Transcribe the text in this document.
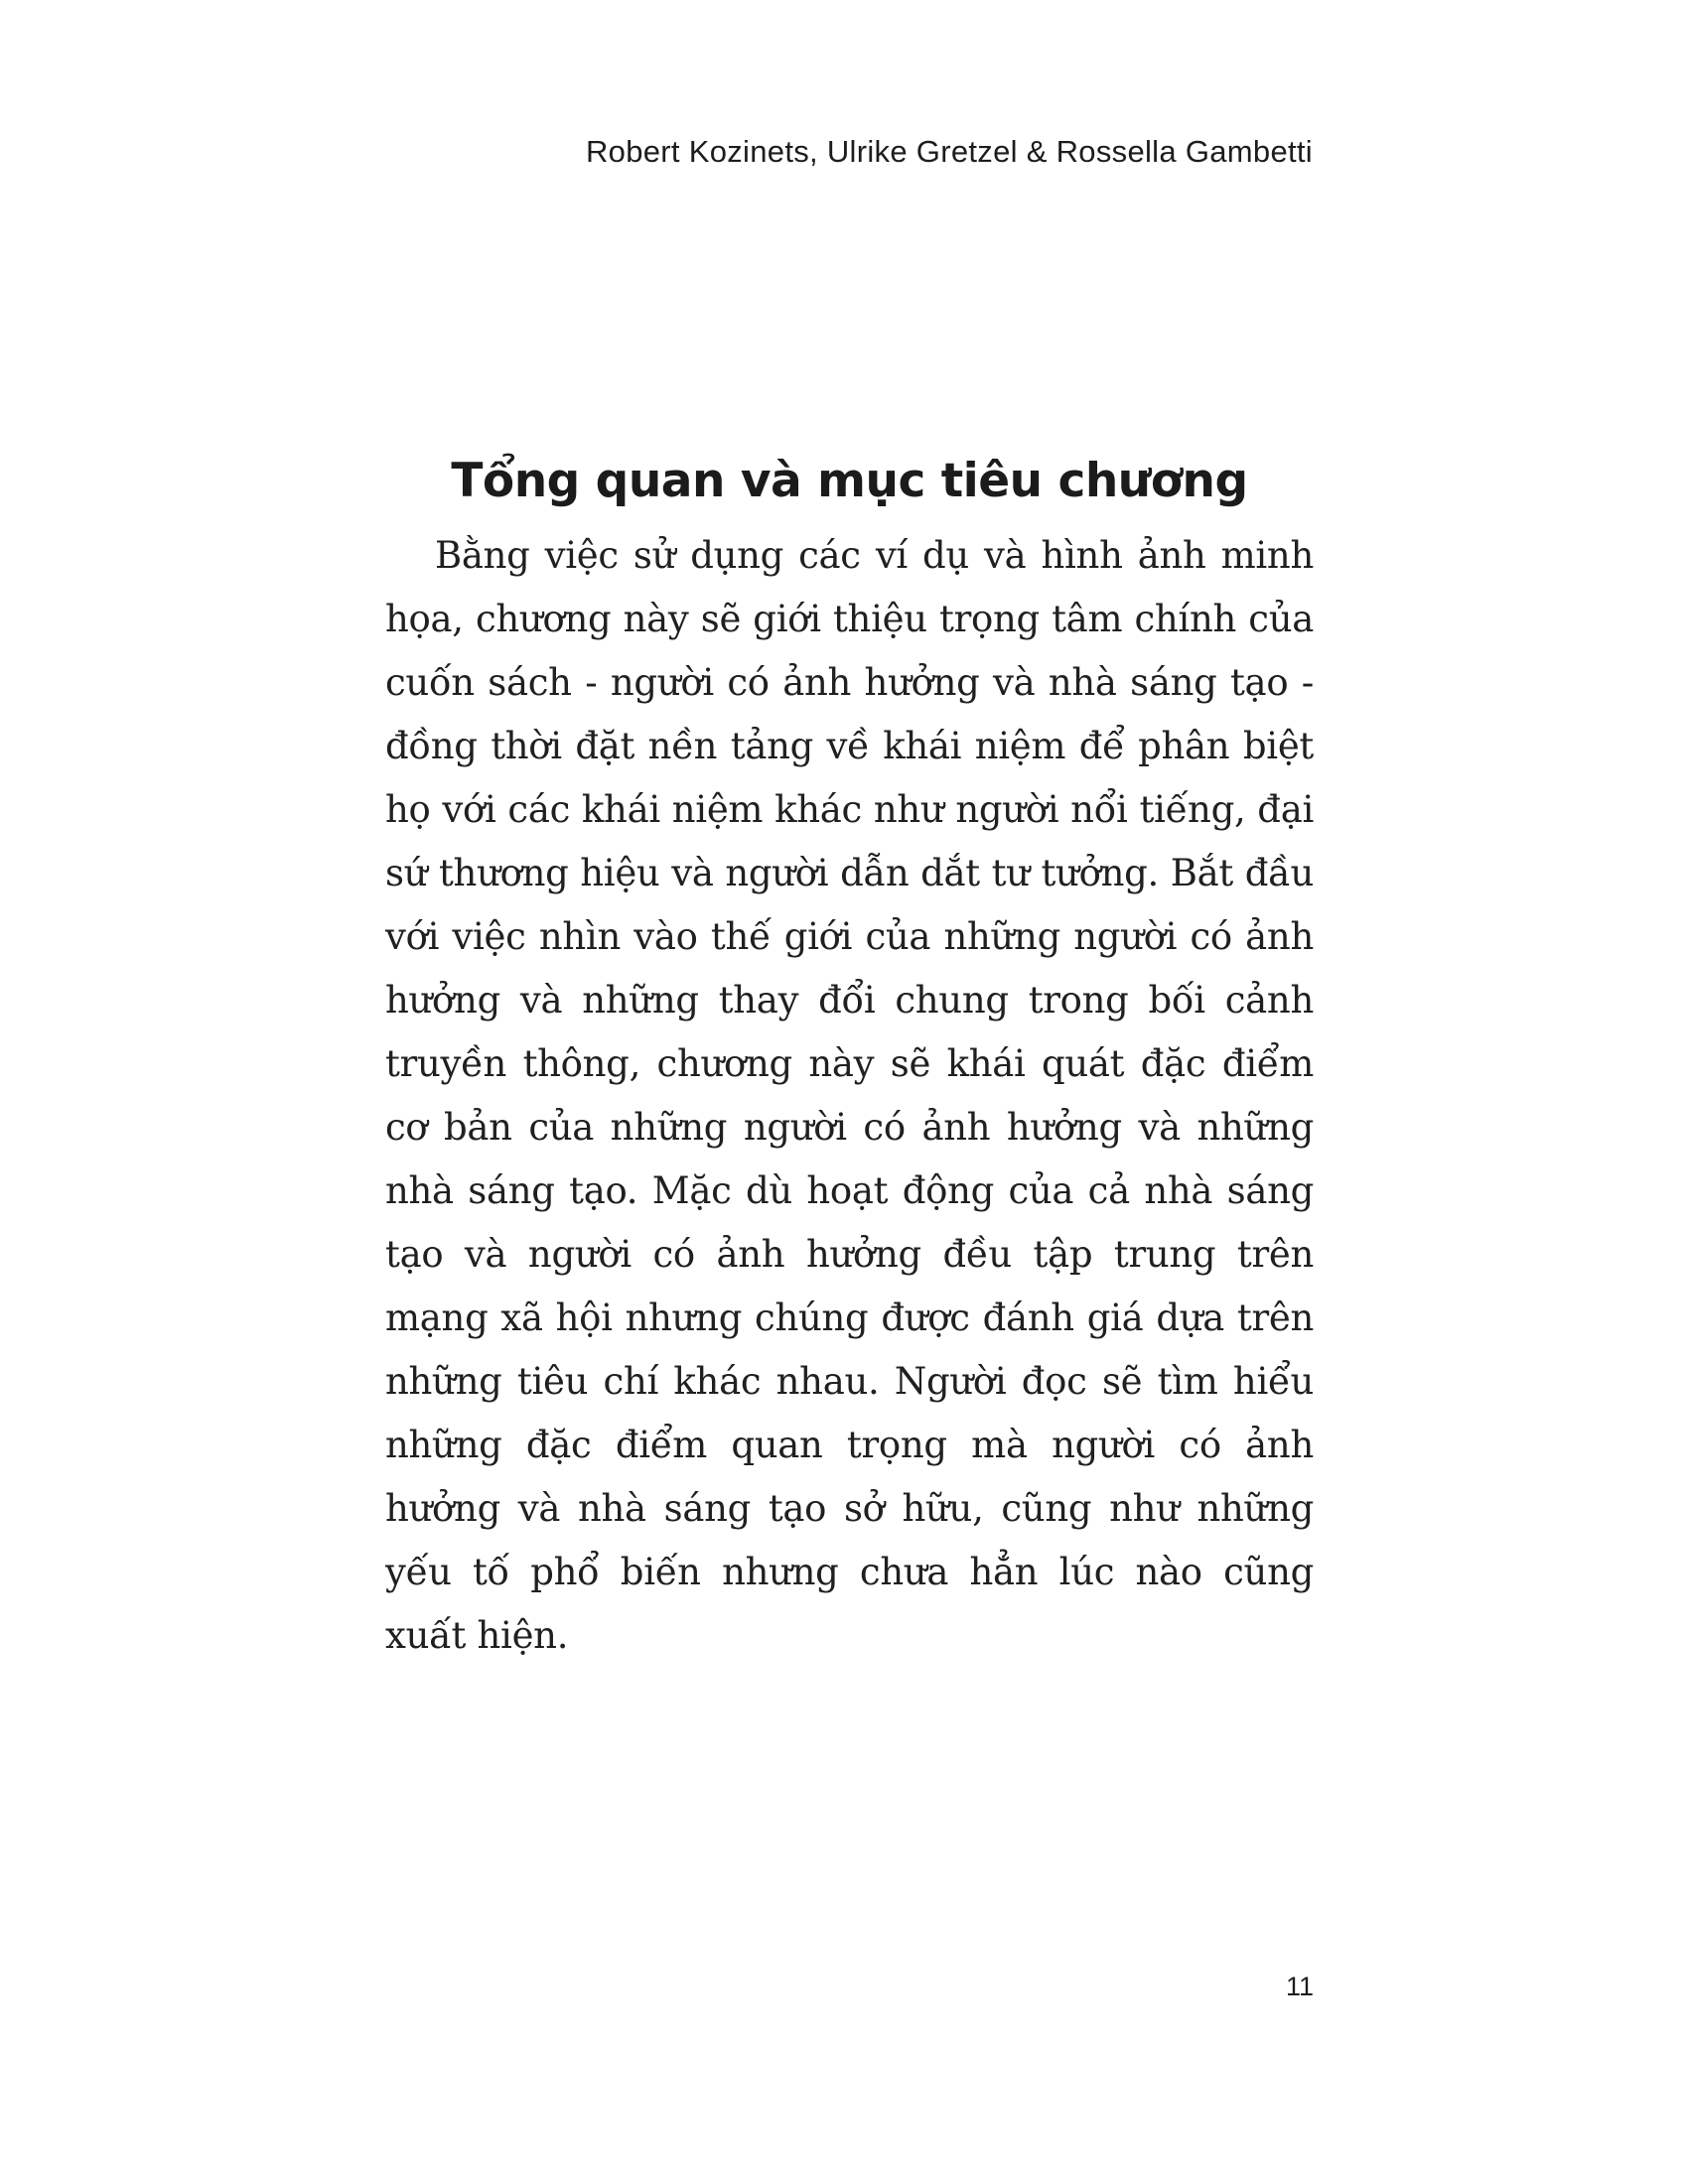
Robert Kozinets, Ulrike Gretzel & Rossella Gambetti
Tổng quan và mục tiêu chương

Bằng việc sử dụng các ví dụ và hình ảnh minh họa, chương này sẽ giới thiệu trọng tâm chính của cuốn sách - người có ảnh hưởng và nhà sáng tạo - đồng thời đặt nền tảng về khái niệm để phân biệt họ với các khái niệm khác như người nổi tiếng, đại sứ thương hiệu và người dẫn dắt tư tưởng. Bắt đầu với việc nhìn vào thế giới của những người có ảnh hưởng và những thay đổi chung trong bối cảnh truyền thông, chương này sẽ khái quát đặc điểm cơ bản của những người có ảnh hưởng và những nhà sáng tạo. Mặc dù hoạt động của cả nhà sáng tạo và người có ảnh hưởng đều tập trung trên mạng xã hội nhưng chúng được đánh giá dựa trên những tiêu chí khác nhau. Người đọc sẽ tìm hiểu những đặc điểm quan trọng mà người có ảnh hưởng và nhà sáng tạo sở hữu, cũng như những yếu tố phổ biến nhưng chưa hẳn lúc nào cũng xuất hiện.

11
